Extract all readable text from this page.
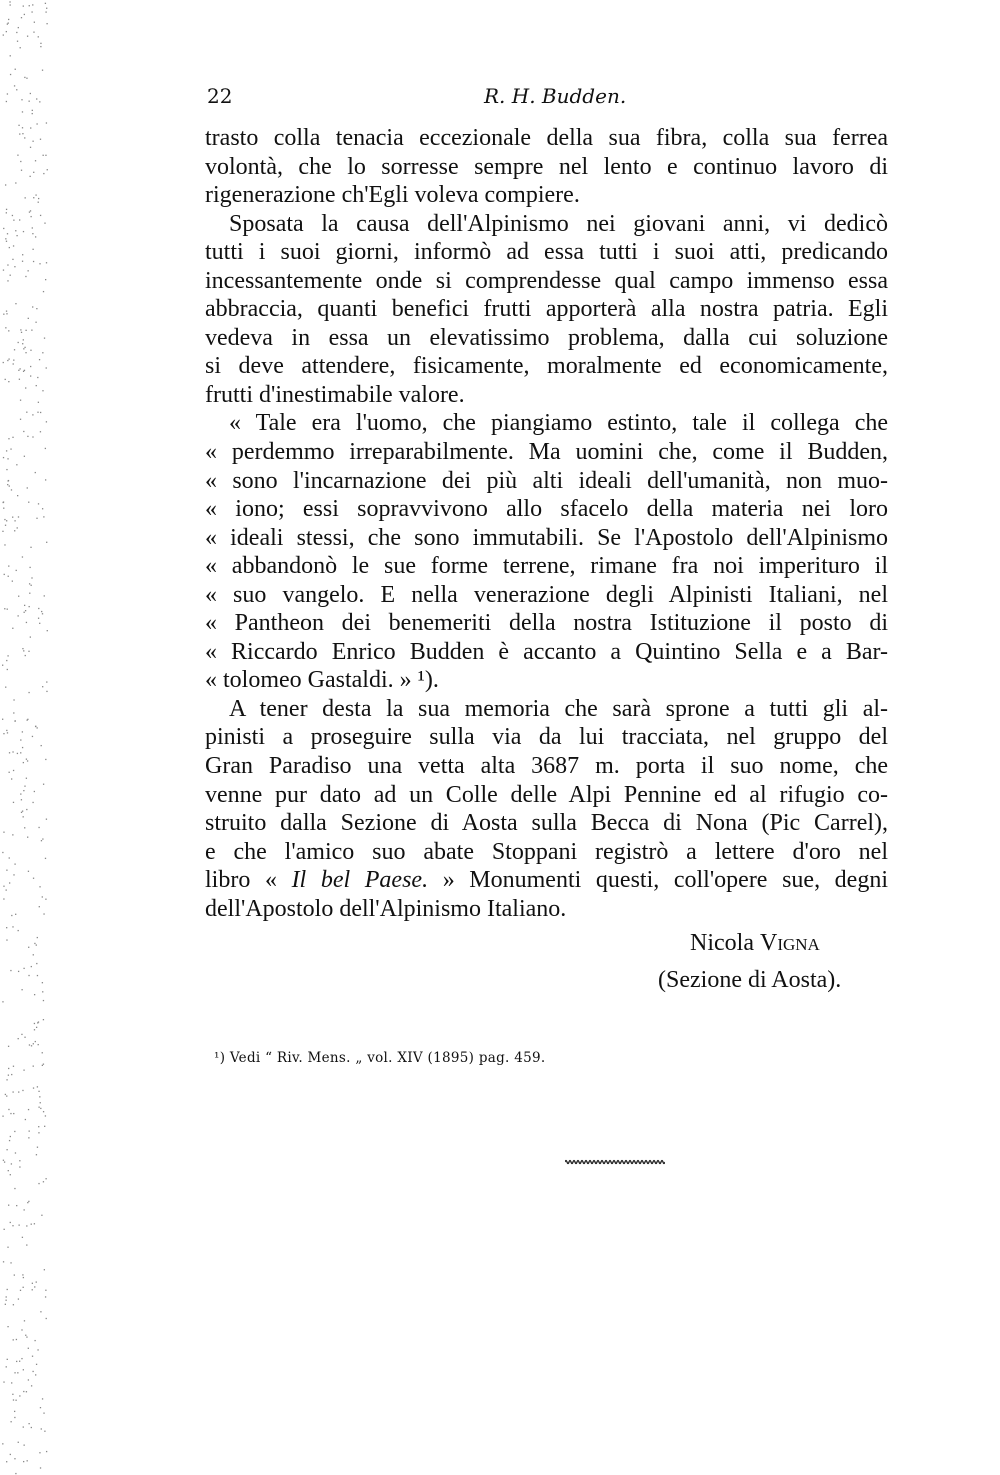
22	R. H. Budden.
trasto colla tenacia eccezionale della sua fibra, colla sua ferrea
volontà, che lo sorresse sempre nel lento e continuo lavoro di
rigenerazione ch'Egli voleva compiere.
Sposata la causa dell'Alpinismo nei giovani anni, vi dedicò
tutti i suoi giorni, informò ad essa tutti i suoi atti, predicando
incessantemente onde si comprendesse qual campo immenso essa
abbraccia, quanti benefici frutti apporterà alla nostra patria. Egli
vedeva in essa un elevatissimo problema, dalla cui soluzione
si deve attendere, fisicamente, moralmente ed economicamente,
frutti d'inestimabile valore.
« Tale era l'uomo, che piangiamo estinto, tale il collega che
« perdemmo irreparabilmente. Ma uomini che, come il Budden,
« sono l'incarnazione dei più alti ideali dell'umanità, non muo-
« iono; essi sopravvivono allo sfacelo della materia nei loro
« ideali stessi, che sono immutabili. Se l'Apostolo dell'Alpinismo
« abbandonò le sue forme terrene, rimane fra noi imperituro il
« suo vangelo. E nella venerazione degli Alpinisti Italiani, nel
« Pantheon dei benemeriti della nostra Istituzione il posto di
« Riccardo Enrico Budden è accanto a Quintino Sella e a Bar-
« tolomeo Gastaldi. » ¹).
A tener desta la sua memoria che sarà sprone a tutti gli al-
pinisti a proseguire sulla via da lui tracciata, nel gruppo del
Gran Paradiso una vetta alta 3687 m. porta il suo nome, che
venne pur dato ad un Colle delle Alpi Pennine ed al rifugio co-
struito dalla Sezione di Aosta sulla Becca di Nona (Pic Carrel),
e che l'amico suo abate Stoppani registrò a lettere d'oro nel
libro « Il bel Paese. » Monumenti questi, coll'opere sue, degni
dell'Apostolo dell'Alpinismo Italiano.
Nicola Vigna
(Sezione di Aosta).
¹) Vedi “ Riv. Mens. „ vol. XIV (1895) pag. 459.
